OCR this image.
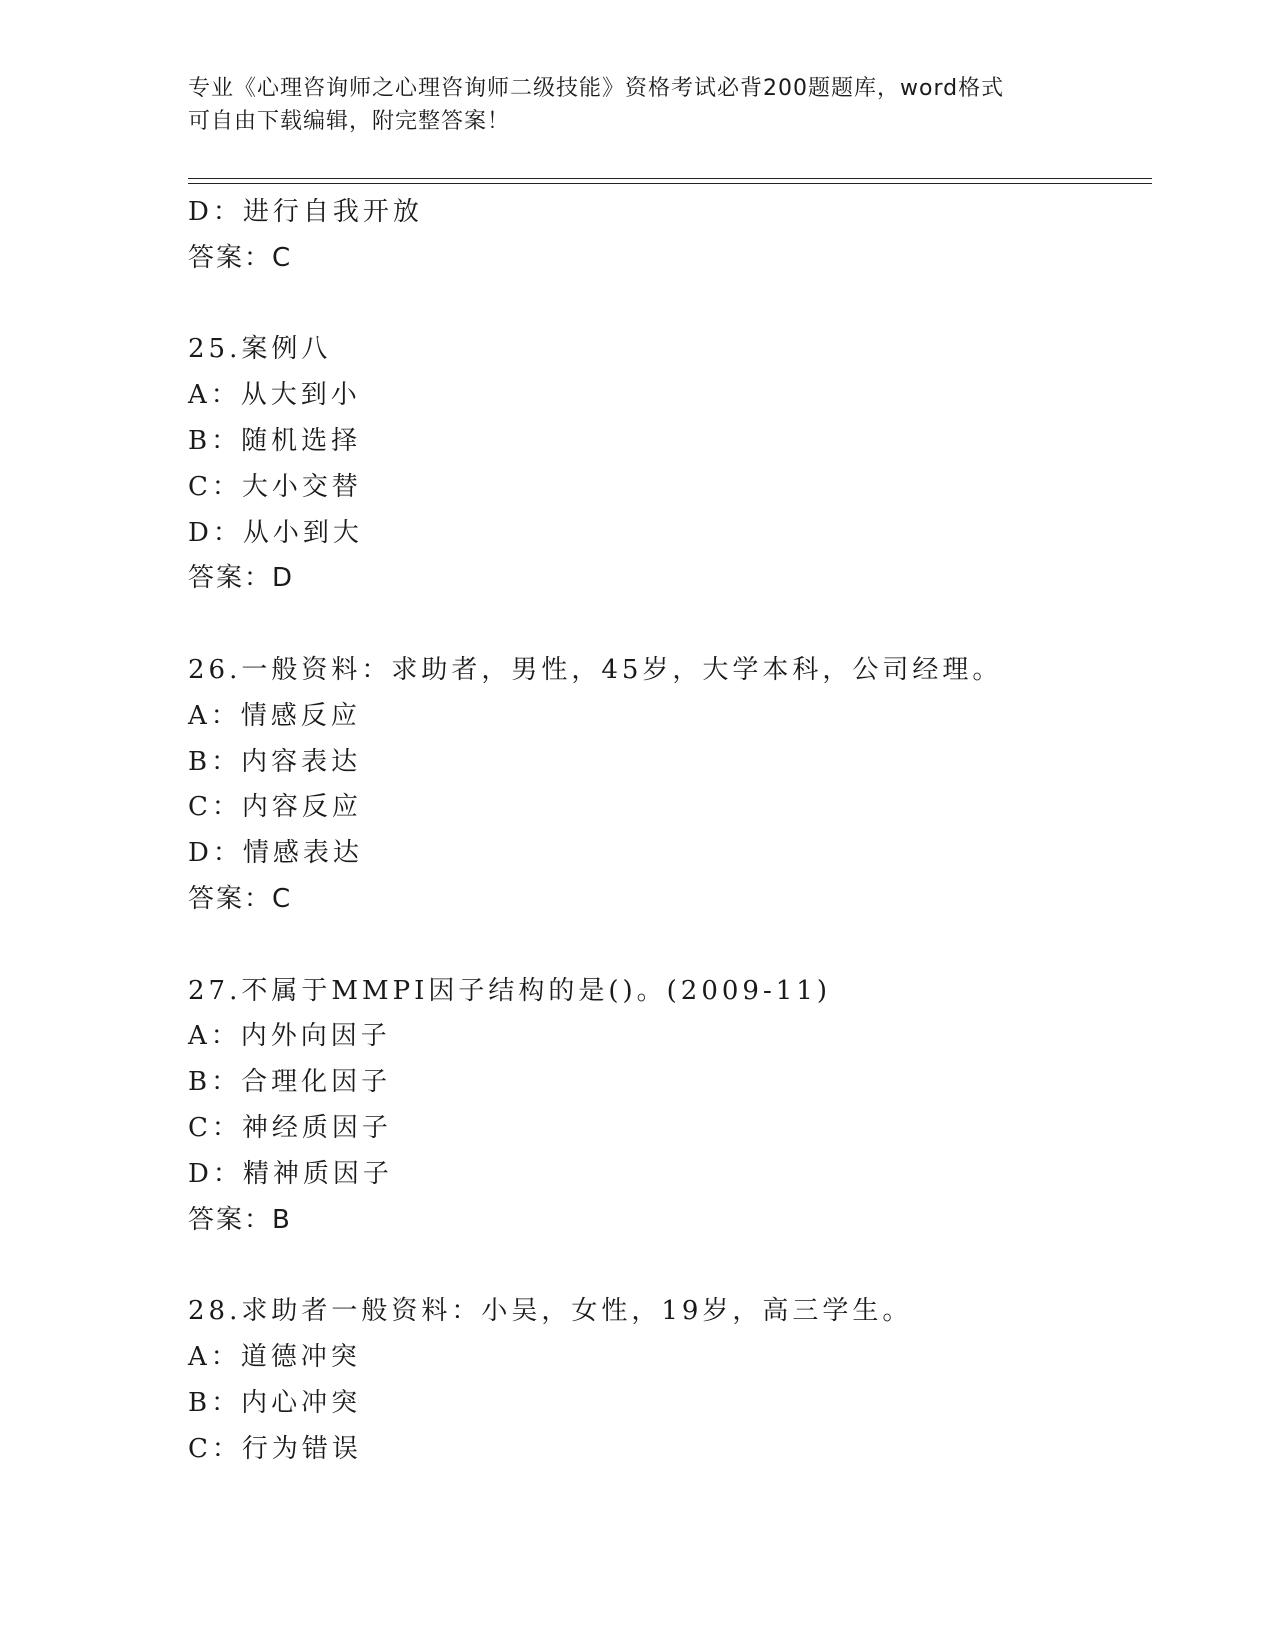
专业《心理咨询师之心理咨询师二级技能》资格考试必背200题题库，word格式
可自由下载编辑，附完整答案！
D：进行自我开放
答案：C
25.案例八
A：从大到小
B：随机选择
C：大小交替
D：从小到大
答案：D
26.一般资料：求助者，男性，45岁，大学本科，公司经理。
A：情感反应
B：内容表达
C：内容反应
D：情感表达
答案：C
27.不属于MMPI因子结构的是()。(2009-11)
A：内外向因子
B：合理化因子
C：神经质因子
D：精神质因子
答案：B
28.求助者一般资料：小吴，女性，19岁，高三学生。
A：道德冲突
B：内心冲突
C：行为错误
